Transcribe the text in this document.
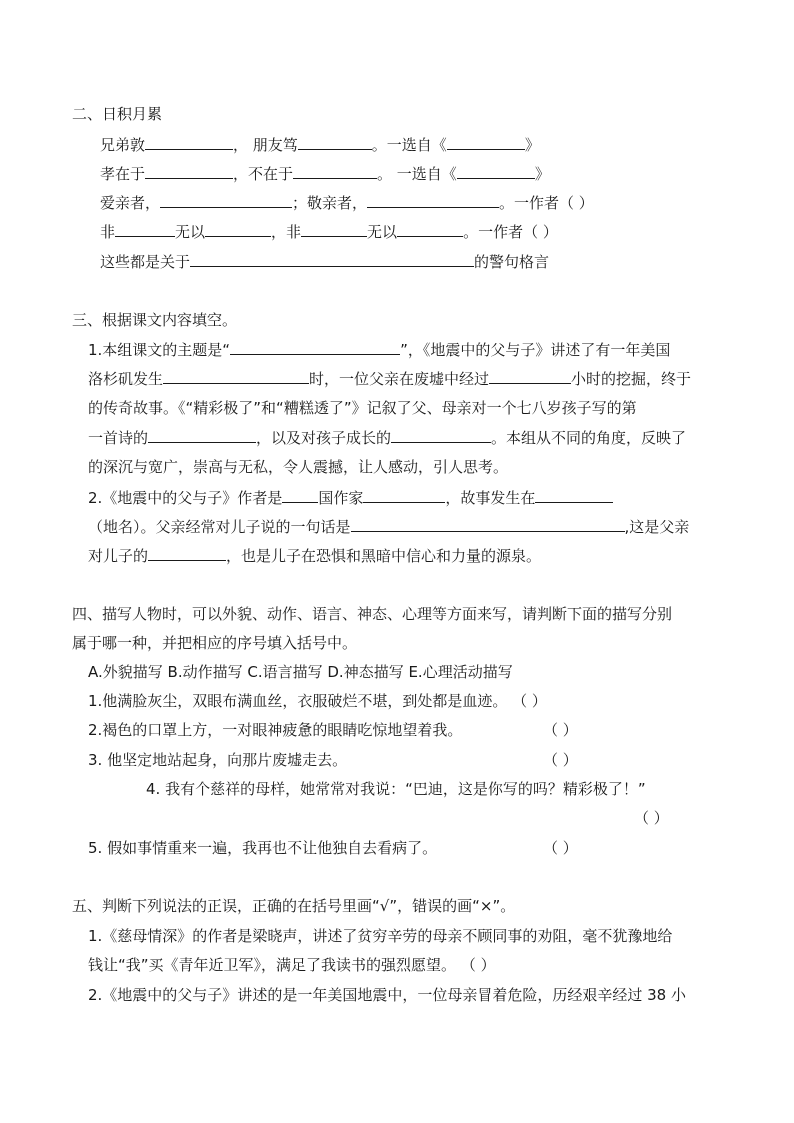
二、日积月累
兄弟敦	， 朋友笃	。一选自《	》
孝在于	，不在于	。 一选自《	》
爱亲者，	；敬亲者，	。一作者（ ）
非	无以	，非	无以	。一作者（ ）
这些都是关于	的警句格言
三、根据课文内容填空。
1.本组课文的主题是“	”，《地震中的父与子》讲述了有一年美国
洛杉矶发生	时，一位父亲在废墟中经过	小时的挖掘，终于
的传奇故事。《“精彩极了”和“糟糕透了”》记叙了父、母亲对一个七八岁孩子写的第
一首诗的	，以及对孩子成长的	。本组从不同的角度，反映了
的深沉与宽广，崇高与无私，令人震撼，让人感动，引人思考。
2.《地震中的父与子》作者是 国作家	，故事发生在
（地名）。父亲经常对儿子说的一句话是	,这是父亲
对儿子的	，也是儿子在恐惧和黑暗中信心和力量的源泉。
四、描写人物时，可以外貌、动作、语言、神态、心理等方面来写，请判断下面的描写分别
属于哪一种，并把相应的序号填入括号中。
A.外貌描写 B.动作描写 C.语言描写 D.神态描写 E.心理活动描写
1.他满脸灰尘，双眼布满血丝，衣服破烂不堪，到处都是血迹。 （ ）
2.褐色的口罩上方，一对眼神疲惫的眼睛吃惊地望着我。	（ ）
3. 他坚定地站起身，向那片废墟走去。	（ ）
4. 我有个慈祥的母样，她常常对我说：“巴迪，这是你写的吗？精彩极了！”
（ ）
5. 假如事情重来一遍，我再也不让他独自去看病了。	（ ）
五、判断下列说法的正误，正确的在括号里画“√”，错误的画“×”。
1.《慈母情深》的作者是梁晓声，讲述了贫穷辛劳的母亲不顾同事的劝阻，毫不犹豫地给
钱让“我”买《青年近卫军》，满足了我读书的强烈愿望。 （ ）
2.《地震中的父与子》讲述的是一年美国地震中，一位母亲冒着危险，历经艰辛经过 38 小
